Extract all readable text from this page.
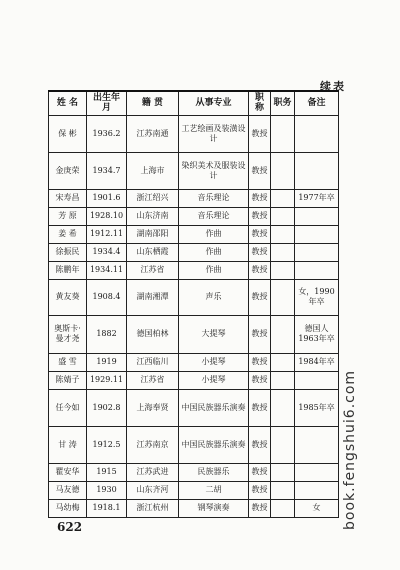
续表
姓 名	出生年月	籍 贯	从事专业	职 称	职务	备注
保 彬	1936.2	江苏南通	工艺绘画及装潢设计	教授		
金庚荣	1934.7	上海市	染织美术及服装设计	教授		
宋寿昌	1901.6	浙江绍兴	音乐理论	教授		1977年卒
芳 原	1928.10	山东济南	音乐理论	教授		
姜 希	1912.11	湖南邵阳	作曲	教授		
徐振民	1934.4	山东栖霞	作曲	教授		
陈鹏年	1934.11	江苏省	作曲	教授		
黄友葵	1908.4	湖南湘潭	声乐	教授		女，1990年卒
奥斯卡·曼才尧	1882	德国柏林	大提琴	教授		德国人1963年卒
盛 雪	1919	江西临川	小提琴	教授		1984年卒
陈婧子	1929.11	江苏省	小提琴	教授		
任今如	1902.8	上海奉贤	中国民族器乐演奏	教授		1985年卒
甘 涛	1912.5	江苏南京	中国民族器乐演奏	教授		
瞿安华	1915	江苏武进	民族器乐	教授		
马友德	1930	山东齐河	二胡	教授		
马幼梅	1918.1	浙江杭州	钢琴演奏	教授		女
622	book.fengshui6.com
